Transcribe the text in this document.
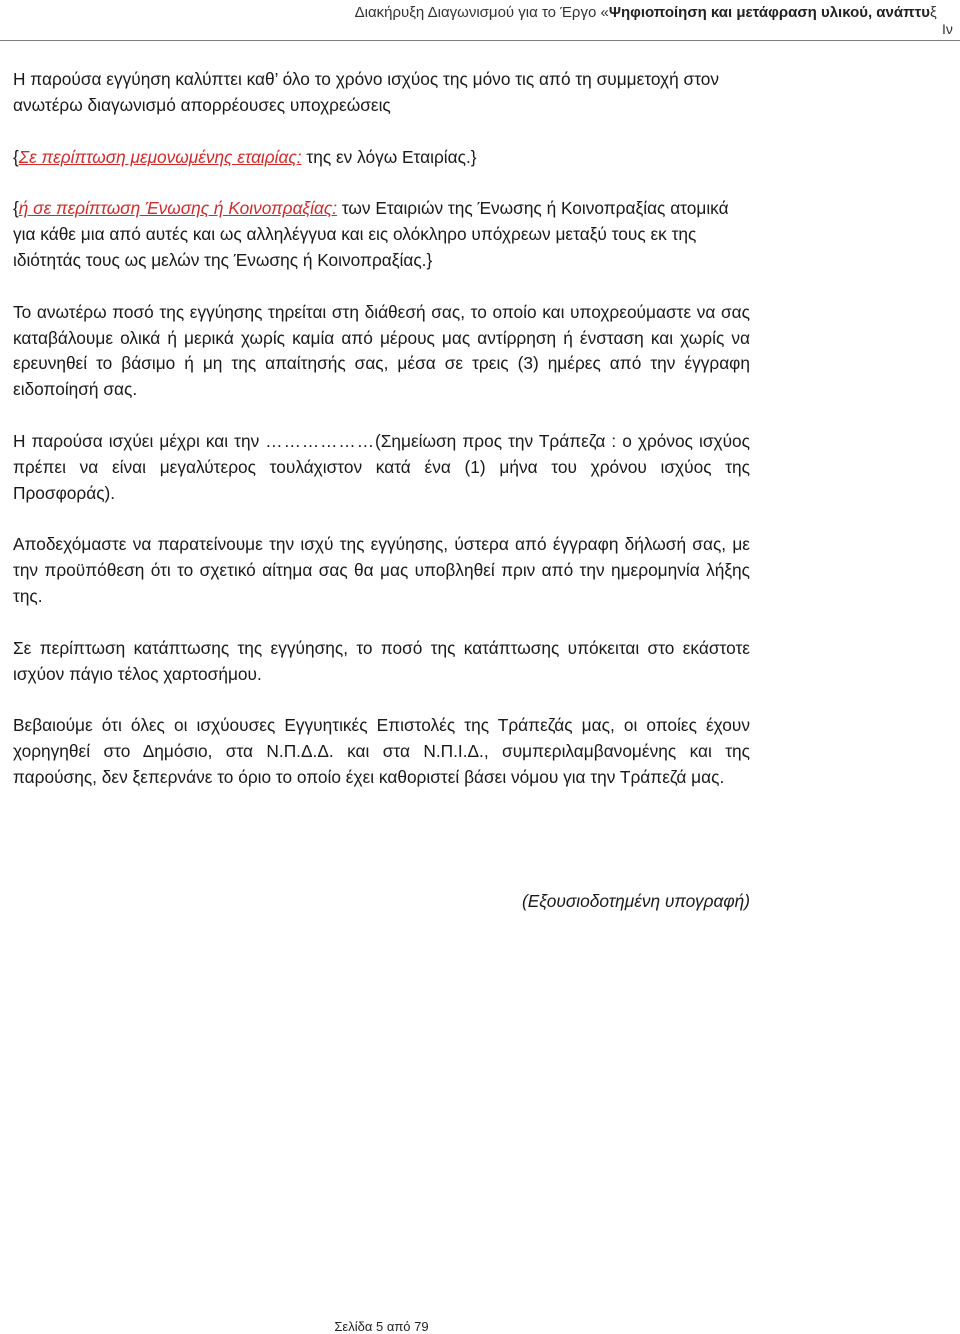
Διακήρυξη Διαγωνισμού για το Έργο «Ψηφιοποίηση και μετάφραση υλικού, ανάπτυξ
Ιν

Η παρούσα εγγύηση καλύπτει καθ’ όλο το χρόνο ισχύος της μόνο τις από τη συμμετοχή στον ανωτέρω διαγωνισμό απορρέουσες υποχρεώσεις

{Σε περίπτωση μεμονωμένης εταιρίας: της εν λόγω Εταιρίας.}

{ή σε περίπτωση Ένωσης ή Κοινοπραξίας: των Εταιριών της Ένωσης ή Κοινοπραξίας ατομικά για κάθε μια από αυτές και ως αλληλέγγυα και εις ολόκληρο υπόχρεων μεταξύ τους εκ της ιδιότητάς τους ως μελών της Ένωσης ή Κοινοπραξίας.}

Το ανωτέρω ποσό της εγγύησης τηρείται στη διάθεσή σας, το οποίο και υποχρεούμαστε να σας καταβάλουμε ολικά ή μερικά χωρίς καμία από μέρους μας αντίρρηση ή ένσταση και χωρίς να ερευνηθεί το βάσιμο ή μη της απαίτησής σας, μέσα σε τρεις (3) ημέρες από την έγγραφη ειδοποίησή σας.

Η παρούσα ισχύει μέχρι και την ………………(Σημείωση προς την Τράπεζα : ο χρόνος ισχύος πρέπει να είναι μεγαλύτερος τουλάχιστον κατά ένα (1) μήνα του χρόνου ισχύος της Προσφοράς).

Αποδεχόμαστε να παρατείνουμε την ισχύ της εγγύησης, ύστερα από έγγραφη δήλωσή σας, με την προϋπόθεση ότι το σχετικό αίτημα σας θα μας υποβληθεί πριν από την ημερομηνία λήξης της.

Σε περίπτωση κατάπτωσης της εγγύησης, το ποσό της κατάπτωσης υπόκειται στο εκάστοτε ισχύον πάγιο τέλος χαρτοσήμου.

Βεβαιούμε ότι όλες οι ισχύουσες Εγγυητικές Επιστολές της Τράπεζάς μας, οι οποίες έχουν χορηγηθεί στο Δημόσιο, στα Ν.Π.Δ.Δ. και στα Ν.Π.Ι.Δ., συμπεριλαμβανομένης και της παρούσης, δεν ξεπερνάνε το όριο το οποίο έχει καθοριστεί βάσει νόμου για την Τράπεζά μας.

(Εξουσιοδοτημένη υπογραφή)

Σελίδα 5 από 79
